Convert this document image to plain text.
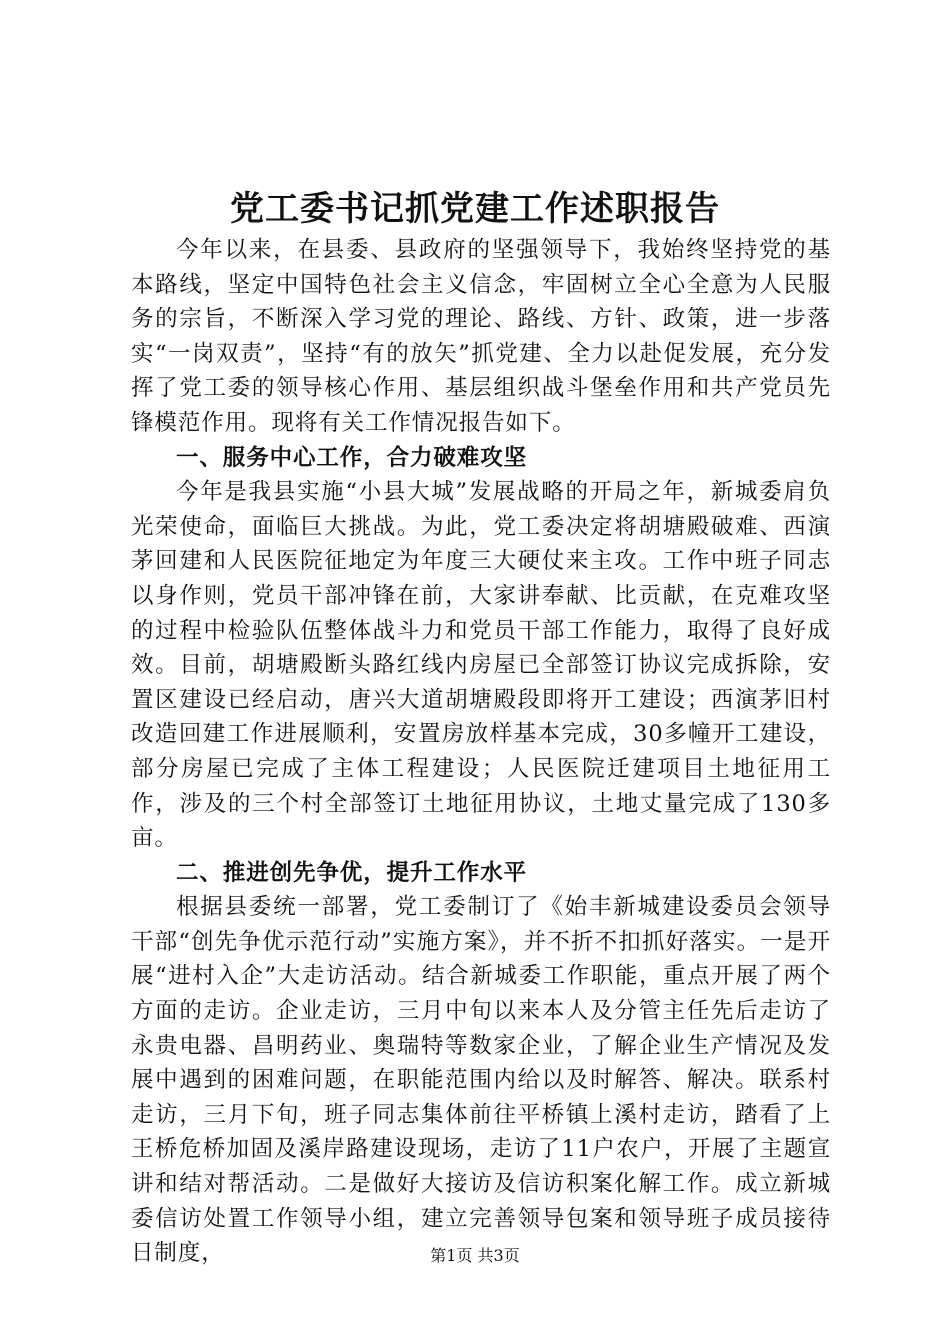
党工委书记抓党建工作述职报告

今年以来，在县委、县政府的坚强领导下，我始终坚持党的基本路线，坚定中国特色社会主义信念，牢固树立全心全意为人民服务的宗旨，不断深入学习党的理论、路线、方针、政策，进一步落实“一岗双责”，坚持“有的放矢”抓党建、全力以赴促发展，充分发挥了党工委的领导核心作用、基层组织战斗堡垒作用和共产党员先锋模范作用。现将有关工作情况报告如下。

一、服务中心工作，合力破难攻坚

今年是我县实施“小县大城”发展战略的开局之年，新城委肩负光荣使命，面临巨大挑战。为此，党工委决定将胡塘殿破难、西演茅回建和人民医院征地定为年度三大硬仗来主攻。工作中班子同志以身作则，党员干部冲锋在前，大家讲奉献、比贡献，在克难攻坚的过程中检验队伍整体战斗力和党员干部工作能力，取得了良好成效。目前，胡塘殿断头路红线内房屋已全部签订协议完成拆除，安置区建设已经启动，唐兴大道胡塘殿段即将开工建设；西演茅旧村改造回建工作进展顺利，安置房放样基本完成，30多幢开工建设，部分房屋已完成了主体工程建设；人民医院迁建项目土地征用工作，涉及的三个村全部签订土地征用协议，土地丈量完成了130多亩。

二、推进创先争优，提升工作水平

根据县委统一部署，党工委制订了《始丰新城建设委员会领导干部“创先争优示范行动”实施方案》，并不折不扣抓好落实。一是开展“进村入企”大走访活动。结合新城委工作职能，重点开展了两个方面的走访。企业走访，三月中旬以来本人及分管主任先后走访了永贵电器、昌明药业、奥瑞特等数家企业，了解企业生产情况及发展中遇到的困难问题，在职能范围内给以及时解答、解决。联系村走访，三月下旬，班子同志集体前往平桥镇上溪村走访，踏看了上王桥危桥加固及溪岸路建设现场，走访了11户农户，开展了主题宣讲和结对帮活动。二是做好大接访及信访积案化解工作。成立新城委信访处置工作领导小组，建立完善领导包案和领导班子成员接待日制度，	第1页 共3页
